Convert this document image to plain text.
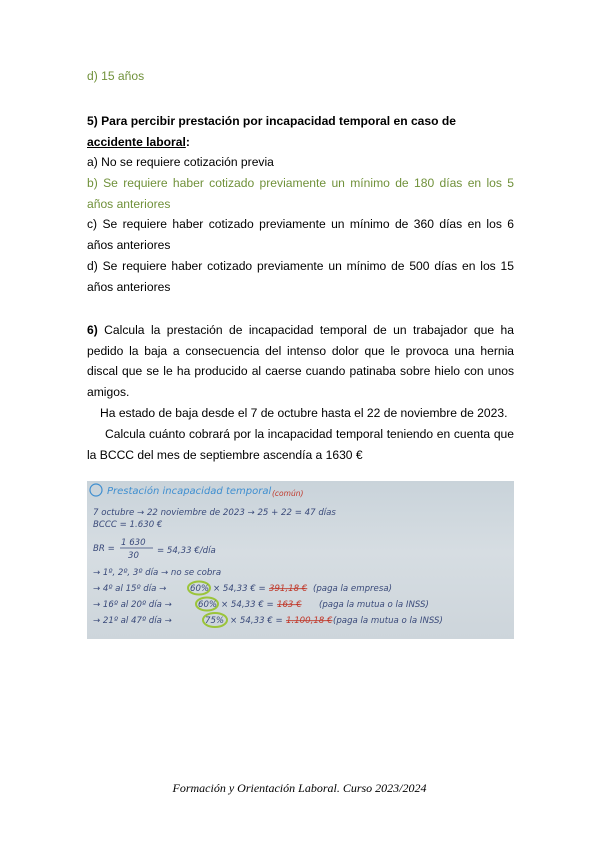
d) 15 años

5) Para percibir prestación por incapacidad temporal en caso de accidente laboral:

a) No se requiere cotización previa

b) Se requiere haber cotizado previamente un mínimo de 180 días en los 5 años anteriores

c) Se requiere haber cotizado previamente un mínimo de 360 días en los 6 años anteriores

d) Se requiere haber cotizado previamente un mínimo de 500 días en los 15 años anteriores

6) Calcula la prestación de incapacidad temporal de un trabajador que ha pedido la baja a consecuencia del intenso dolor que le provoca una hernia discal que se le ha producido al caerse cuando patinaba sobre hielo con unos amigos.

Ha estado de baja desde el 7 de octubre hasta el 22 de noviembre de 2023.

Calcula cuánto cobrará por la incapacidad temporal teniendo en cuenta que la BCCC del mes de septiembre ascendía a 1630 €

Prestación incapacidad temporal (común)
7 octubre → 22 noviembre de 2023 → 25 + 22 = 47 días
BCCC = 1.630 €
BR =
1 630
30 = 54,33 €/día
→ 1º, 2º, 3º día → no se cobra
→ 4º al 15º día →	60% × 54,33 € = 391,18 € (paga la empresa)
→ 16º al 20º día →	60% × 54,33 € = 163 € (paga la mutua o la INSS)
→ 21º al 47º día →	75% × 54,33 € = 1.100,18 € (paga la mutua o la INSS)
Formación y Orientación Laboral. Curso 2023/2024
